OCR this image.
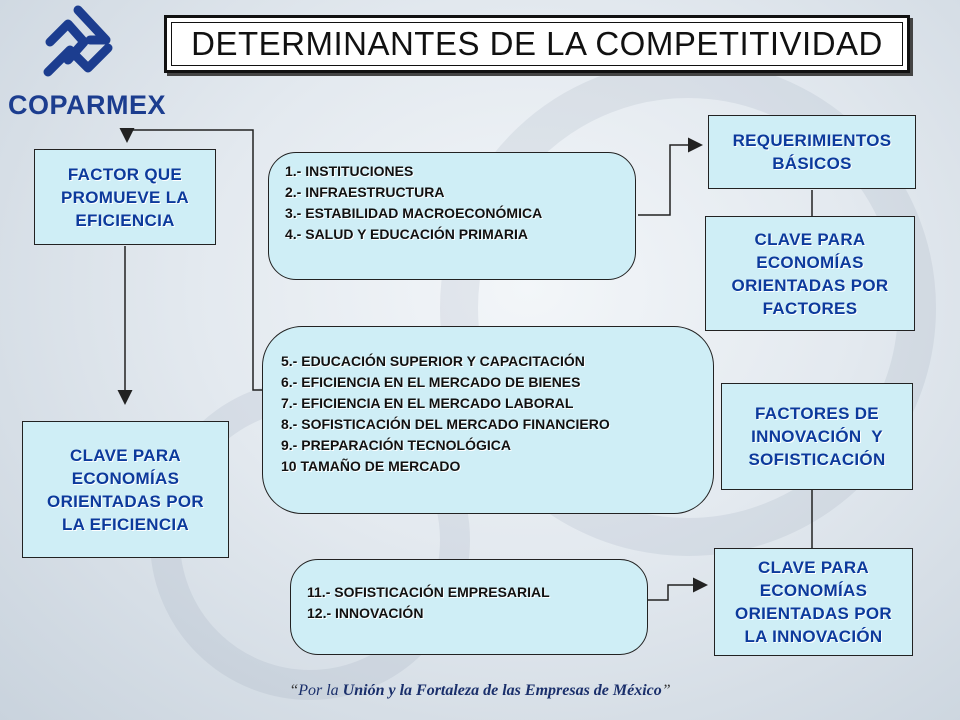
COPARMEX
DETERMINANTES DE LA COMPETITIVIDAD
FACTOR QUE
PROMUEVE LA
EFICIENCIA
CLAVE PARA
ECONOMÍAS
ORIENTADAS POR
LA EFICIENCIA
1.- INSTITUCIONES
2.- INFRAESTRUCTURA
3.- ESTABILIDAD MACROECONÓMICA
4.- SALUD Y EDUCACIÓN PRIMARIA
5.- EDUCACIÓN SUPERIOR Y CAPACITACIÓN
6.- EFICIENCIA EN EL MERCADO DE BIENES
7.- EFICIENCIA EN EL MERCADO LABORAL
8.- SOFISTICACIÓN DEL MERCADO FINANCIERO
9.- PREPARACIÓN TECNOLÓGICA
10 TAMAÑO DE MERCADO
11.- SOFISTICACIÓN EMPRESARIAL
12.- INNOVACIÓN
REQUERIMIENTOS
BÁSICOS
CLAVE PARA
ECONOMÍAS
ORIENTADAS POR
FACTORES
FACTORES DE
INNOVACIÓN  Y
SOFISTICACIÓN
CLAVE PARA
ECONOMÍAS
ORIENTADAS POR
LA INNOVACIÓN
“Por la Unión y la Fortaleza de las Empresas de México”
